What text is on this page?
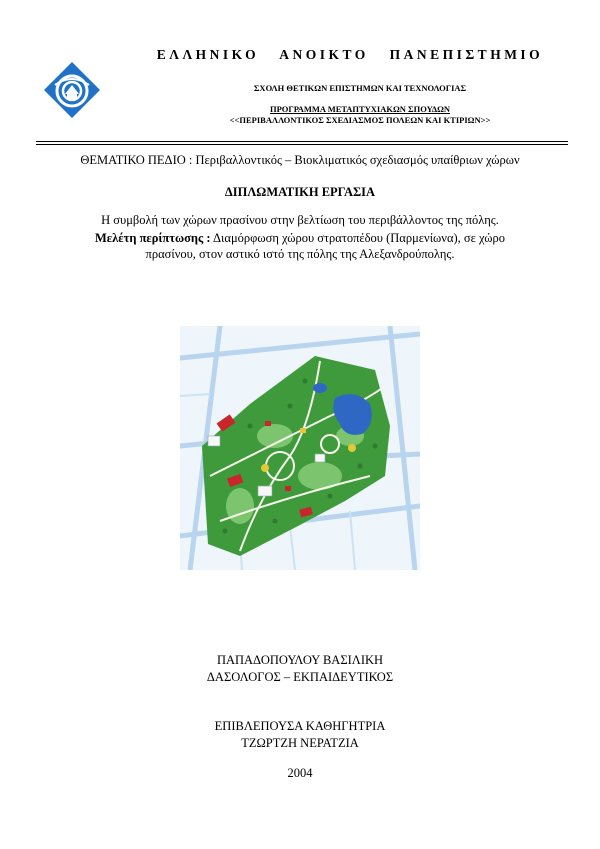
ΕΛΛΗΝΙΚΟ ΑΝΟΙΚΤΟ ΠΑΝΕΠΙΣΤΗΜΙΟ
ΣΧΟΛΗ ΘΕΤΙΚΩΝ ΕΠΙΣΤΗΜΩΝ ΚΑΙ ΤΕΧΝΟΛΟΓΙΑΣ
ΠΡΟΓΡΑΜΜΑ ΜΕΤΑΠΤΥΧΙΑΚΩΝ ΣΠΟΥΔΩΝ
<<ΠΕΡΙΒΑΛΛΟΝΤΙΚΟΣ ΣΧΕΔΙΑΣΜΟΣ ΠΟΛΕΩΝ ΚΑΙ ΚΤΙΡΙΩΝ>>
ΘΕΜΑΤΙΚΟ ΠΕΔΙΟ : Περιβαλλοντικός – Βιοκλιματικός σχεδιασμός υπαίθριων χώρων
ΔΙΠΛΩΜΑΤΙΚΗ ΕΡΓΑΣΙΑ
Η συμβολή των χώρων πρασίνου στην βελτίωση του περιβάλλοντος της πόλης.
Μελέτη περίπτωσης : Διαμόρφωση χώρου στρατοπέδου (Παρμενίωνα), σε χώρο πρασίνου, στον αστικό ιστό της πόλης της Αλεξανδρούπολης.
ΠΑΠΑΔΟΠΟΥΛΟΥ ΒΑΣΙΛΙΚΗ
ΔΑΣΟΛΟΓΟΣ – ΕΚΠΑΙΔΕΥΤΙΚΟΣ
ΕΠΙΒΛΕΠΟΥΣΑ ΚΑΘΗΓΗΤΡΙΑ
ΤΖΩΡΤΖΗ ΝΕΡΑΤΖΙΑ
2004
